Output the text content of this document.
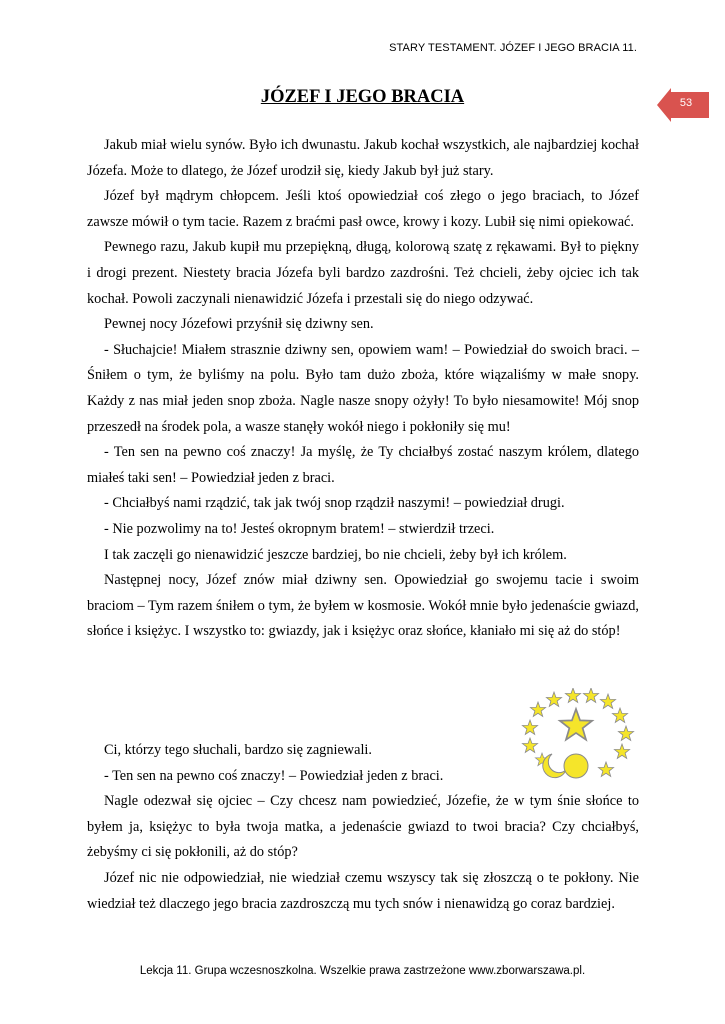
STARY TESTAMENT. JÓZEF I JEGO BRACIA 11.
53
JÓZEF I JEGO BRACIA

Jakub miał wielu synów. Było ich dwunastu. Jakub kochał wszystkich, ale najbardziej kochał Józefa. Może to dlatego, że Józef urodził się, kiedy Jakub był już stary.

Józef był mądrym chłopcem. Jeśli ktoś opowiedział coś złego o jego braciach, to Józef zawsze mówił o tym tacie. Razem z braćmi pasł owce, krowy i kozy. Lubił się nimi opiekować.

Pewnego razu, Jakub kupił mu przepiękną, długą, kolorową szatę z rękawami. Był to piękny i drogi prezent. Niestety bracia Józefa byli bardzo zazdrośni. Też chcieli, żeby ojciec ich tak kochał. Powoli zaczynali nienawidzić Józefa i przestali się do niego odzywać.

Pewnej nocy Józefowi przyśnił się dziwny sen.

- Słuchajcie! Miałem strasznie dziwny sen, opowiem wam! – Powiedział do swoich braci. – Śniłem o tym, że byliśmy na polu. Było tam dużo zboża, które wiązaliśmy w małe snopy. Każdy z nas miał jeden snop zboża. Nagle nasze snopy ożyły! To było niesamowite! Mój snop przeszedł na środek pola, a wasze stanęły wokół niego i pokłoniły się mu!

- Ten sen na pewno coś znaczy! Ja myślę, że Ty chciałbyś zostać naszym królem, dlatego miałeś taki sen! – Powiedział jeden z braci.

- Chciałbyś nami rządzić, tak jak twój snop rządził naszymi! – powiedział drugi.

- Nie pozwolimy na to! Jesteś okropnym bratem! – stwierdził trzeci.

I tak zaczęli go nienawidzić jeszcze bardziej, bo nie chcieli, żeby był ich królem.

Następnej nocy, Józef znów miał dziwny sen. Opowiedział go swojemu tacie i swoim braciom – Tym razem śniłem o tym, że byłem w kosmosie. Wokół mnie było jedenaście gwiazd, słońce i księżyc. I wszystko to: gwiazdy, jak i księżyc oraz słońce, kłaniało mi się aż do stóp!

Ci, którzy tego słuchali, bardzo się zagniewali.

- Ten sen na pewno coś znaczy! – Powiedział jeden z braci.

Nagle odezwał się ojciec – Czy chcesz nam powiedzieć, Józefie, że w tym śnie słońce to byłem ja, księżyc to była twoja matka, a jedenaście gwiazd to twoi bracia? Czy chciałbyś, żebyśmy ci się pokłonili, aż do stóp?

Józef nic nie odpowiedział, nie wiedział czemu wszyscy tak się złoszczą o te pokłony. Nie wiedział też dlaczego jego bracia zazdroszczą mu tych snów i nienawidzą go coraz bardziej.

Lekcja 11. Grupa wczesnoszkolna. Wszelkie prawa zastrzeżone www.zborwarszawa.pl.
